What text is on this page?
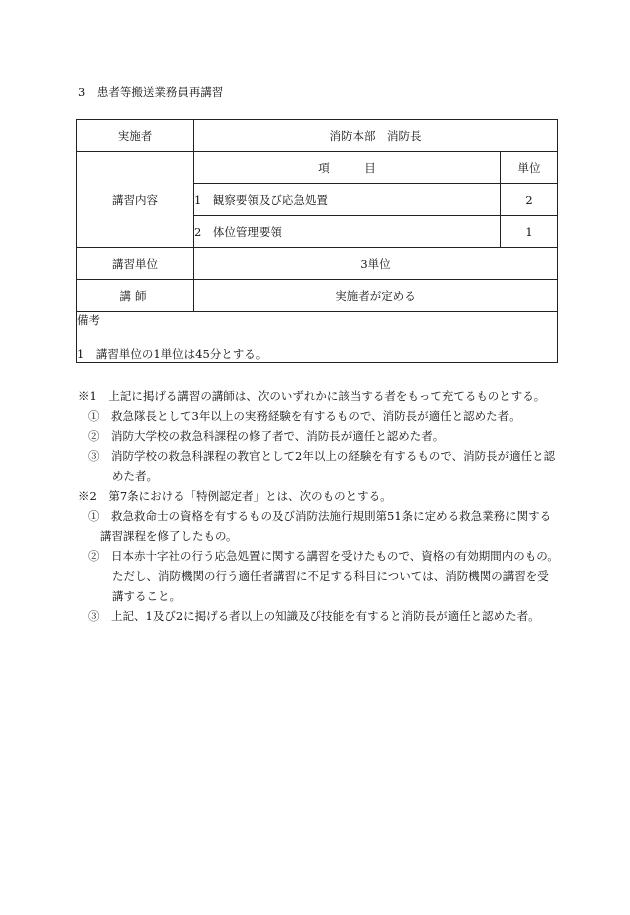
3　患者等搬送業務員再講習
実施者	消防本部　消防長	
講習内容	項　　　目	単位
	1　観察要領及び応急処置	2
	2　体位管理要領	1
講習単位	3単位	
講師	実施者が定める	

備考
1　講習単位の1単位は45分とする。		
※1　上記に掲げる講習の講師は、次のいずれかに該当する者をもって充てるものとする。
①　救急隊長として3年以上の実務経験を有するもので、消防長が適任と認めた者。
②　消防大学校の救急科課程の修了者で、消防長が適任と認めた者。
③　消防学校の救急科課程の教官として2年以上の経験を有するもので、消防長が適任と認めた者。
※2　第7条における「特例認定者」とは、次のものとする。
①　救急救命士の資格を有するもの及び消防法施行規則第51条に定める救急業務に関する講習課程を修了したもの。
②　日本赤十字社の行う応急処置に関する講習を受けたもので、資格の有効期間内のもの。
ただし、消防機関の行う適任者講習に不足する科目については、消防機関の講習を受講すること。
③　上記、1及び2に掲げる者以上の知識及び技能を有すると消防長が適任と認めた者。
